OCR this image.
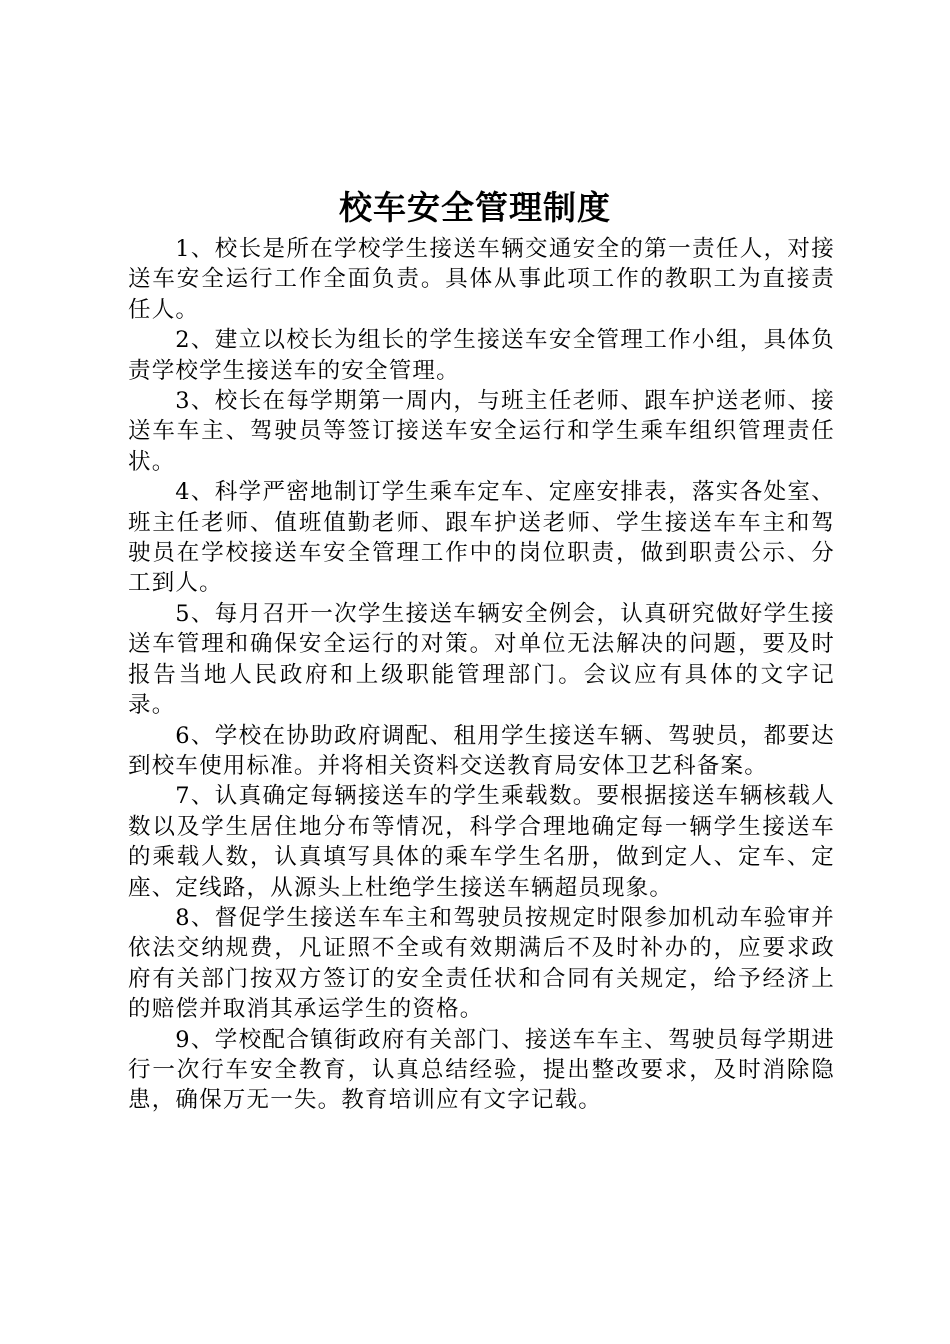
校车安全管理制度

1、校长是所在学校学生接送车辆交通安全的第一责任人，对接送车安全运行工作全面负责。具体从事此项工作的教职工为直接责任人。

2、建立以校长为组长的学生接送车安全管理工作小组，具体负责学校学生接送车的安全管理。

3、校长在每学期第一周内，与班主任老师、跟车护送老师、接送车车主、驾驶员等签订接送车安全运行和学生乘车组织管理责任状。

4、科学严密地制订学生乘车定车、定座安排表，落实各处室、班主任老师、值班值勤老师、跟车护送老师、学生接送车车主和驾驶员在学校接送车安全管理工作中的岗位职责，做到职责公示、分工到人。

5、每月召开一次学生接送车辆安全例会，认真研究做好学生接送车管理和确保安全运行的对策。对单位无法解决的问题，要及时报告当地人民政府和上级职能管理部门。会议应有具体的文字记录。

6、学校在协助政府调配、租用学生接送车辆、驾驶员，都要达到校车使用标准。并将相关资料交送教育局安体卫艺科备案。

7、认真确定每辆接送车的学生乘载数。要根据接送车辆核载人数以及学生居住地分布等情况，科学合理地确定每一辆学生接送车的乘载人数，认真填写具体的乘车学生名册，做到定人、定车、定座、定线路，从源头上杜绝学生接送车辆超员现象。

8、督促学生接送车车主和驾驶员按规定时限参加机动车验审并依法交纳规费，凡证照不全或有效期满后不及时补办的，应要求政府有关部门按双方签订的安全责任状和合同有关规定，给予经济上的赔偿并取消其承运学生的资格。

9、学校配合镇街政府有关部门、接送车车主、驾驶员每学期进行一次行车安全教育，认真总结经验，提出整改要求，及时消除隐患，确保万无一失。教育培训应有文字记载。
